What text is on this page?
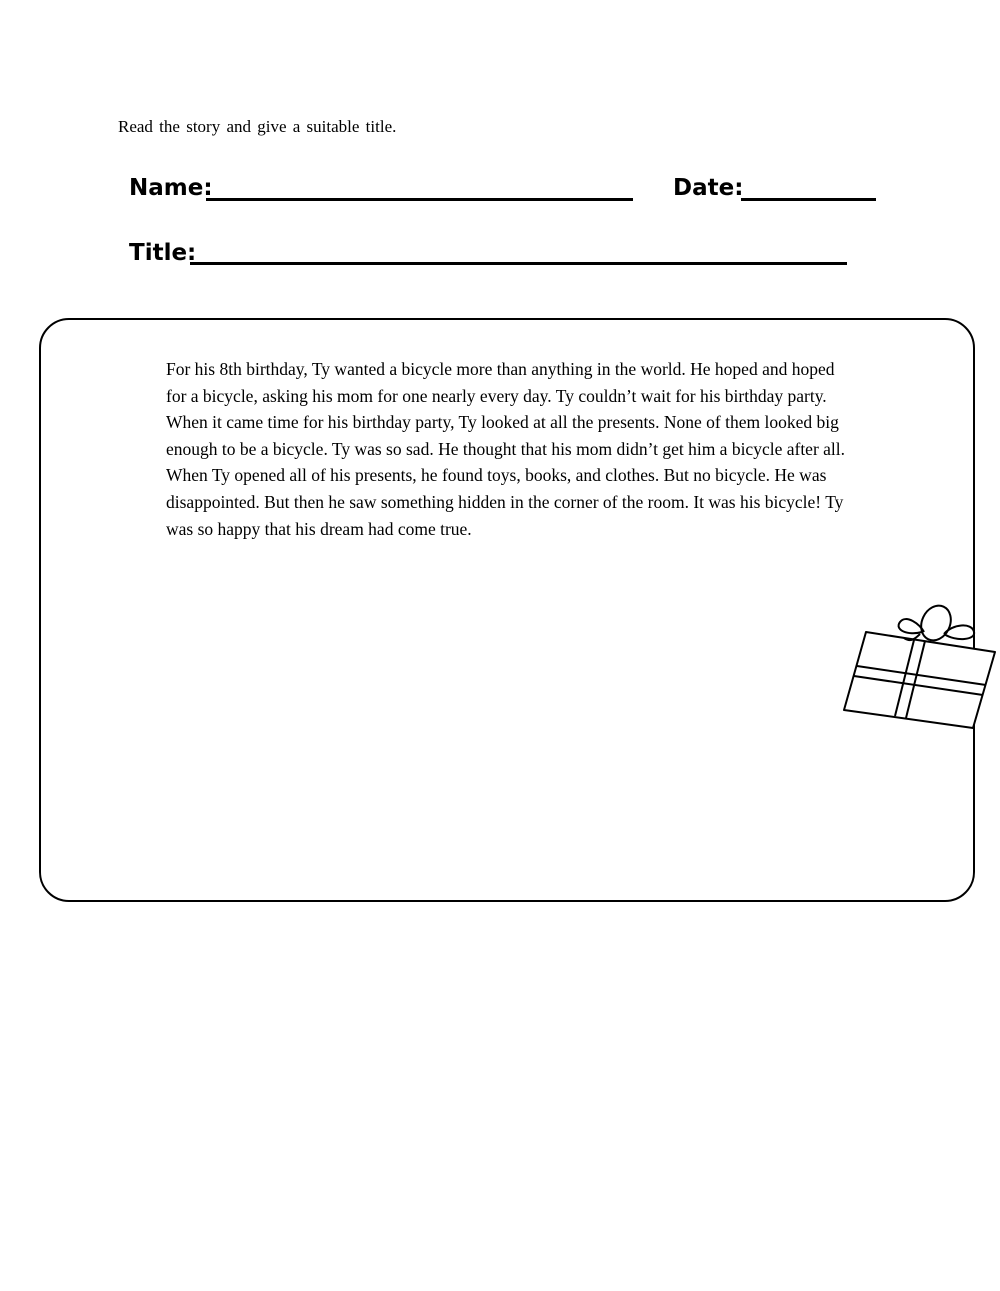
Read the story and give a suitable title.
Name:	Date:
Title:

For his 8th birthday, Ty wanted a bicycle more than anything in the world. He hoped and hoped for a bicycle, asking his mom for one nearly every day. Ty couldn’t wait for his birthday party.

When it came time for his birthday party, Ty looked at all the presents. None of them looked big enough to be a bicycle. Ty was so sad. He thought that his mom didn’t get him a bicycle after all.

When Ty opened all of his presents, he found toys, books, and clothes. But no bicycle. He was disappointed. But then he saw something hidden in the corner of the room. It was his bicycle! Ty was so happy that his dream had come true.
